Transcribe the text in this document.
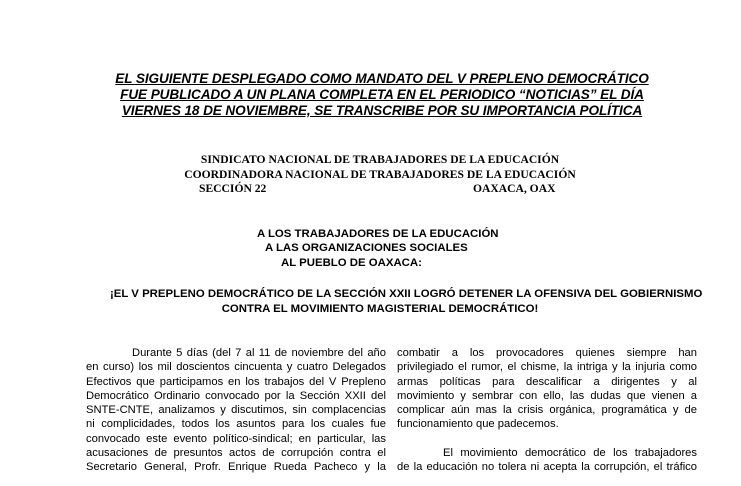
EL SIGUIENTE DESPLEGADO COMO MANDATO DEL V PREPLENO DEMOCRÁTICO
FUE PUBLICADO A UN PLANA COMPLETA EN EL PERIODICO “NOTICIAS” EL DÍA
VIERNES 18 DE NOVIEMBRE, SE TRANSCRIBE POR SU IMPORTANCIA POLÍTICA
SINDICATO NACIONAL DE TRABAJADORES DE LA EDUCACIÓN
COORDINADORA NACIONAL DE TRABAJADORES DE LA EDUCACIÓN
SECCIÓN 22	OAXACA, OAX
A LOS TRABAJADORES DE LA EDUCACIÓN
A LAS ORGANIZACIONES SOCIALES
AL PUEBLO DE OAXACA:
¡EL V PREPLENO DEMOCRÁTICO DE LA SECCIÓN XXII LOGRÓ DETENER LA OFENSIVA DEL GOBIERNISMO
CONTRA EL MOVIMIENTO MAGISTERIAL DEMOCRÁTICO!
Durante 5 días (del 7 al 11 de noviembre del año
en curso) los mil doscientos cincuenta y cuatro Delegados
Efectivos que participamos en los trabajos del V Prepleno
Democrático Ordinario convocado por la Sección XXII del
SNTE-CNTE, analizamos y discutimos, sin complacencias
ni complicidades, todos los asuntos para los cuales fue
convocado este evento político-sindical; en particular, las
acusaciones de presuntos actos de corrupción contra el
Secretario General, Profr. Enrique Rueda Pacheco y la
combatir a los provocadores quienes siempre han
privilegiado el rumor, el chisme, la intriga y la injuria como
armas políticas para descalificar a dirigentes y al
movimiento y sembrar con ello, las dudas que vienen a
complicar aún mas la crisis orgánica, programática y de
funcionamiento que padecemos.
El movimiento democrático de los trabajadores
de la educación no tolera ni acepta la corrupción, el tráfico
